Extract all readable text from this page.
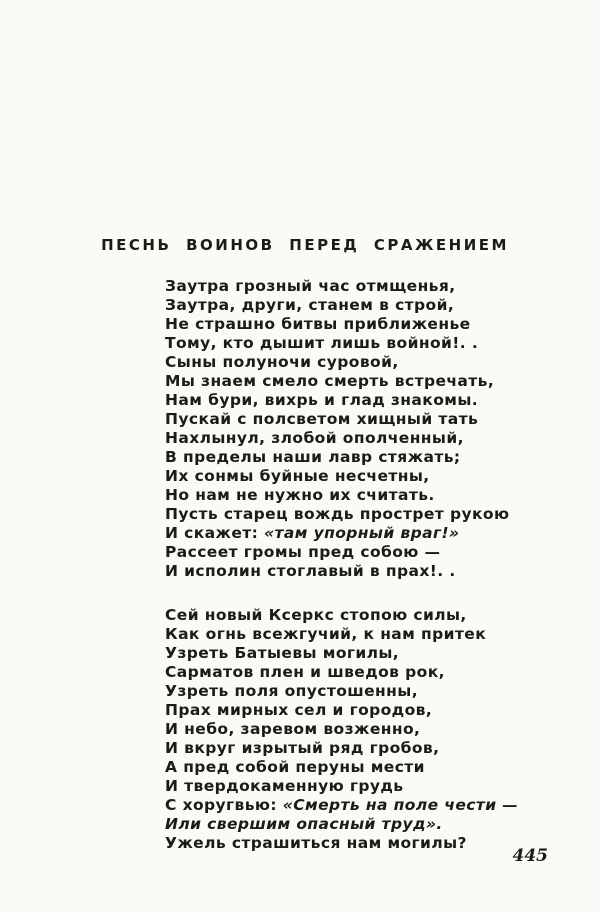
ПЕСНЬ ВОИНОВ ПЕРЕД СРАЖЕНИЕМ
Заутра грозный час отмщенья,
Заутра, други, станем в строй,
Не страшно битвы приближенье
Тому, кто дышит лишь войной!. .
Сыны полуночи суровой,
Мы знаем смело смерть встречать,
Нам бури, вихрь и глад знакомы.
Пускай с полсветом хищный тать
Нахлынул, злобой ополченный,
В пределы наши лавр стяжать;
Их сонмы буйные несчетны,
Но нам не нужно их считать.
Пусть старец вождь прострет рукою
И скажет: «там упорный враг!»
Рассеет громы пред собою —
И исполин стоглавый в прах!. .
Сей новый Ксеркс стопою силы,
Как огнь всежгучий, к нам притек
Узреть Батыевы могилы,
Сарматов плен и шведов рок,
Узреть поля опустошенны,
Прах мирных сел и городов,
И небо, заревом возженно,
И вкруг изрытый ряд гробов,
А пред собой перуны мести
И твердокаменную грудь
С хоругвью: «Смерть на поле чести —
Или свершим опасный труд».
Ужель страшиться нам могилы?
445
